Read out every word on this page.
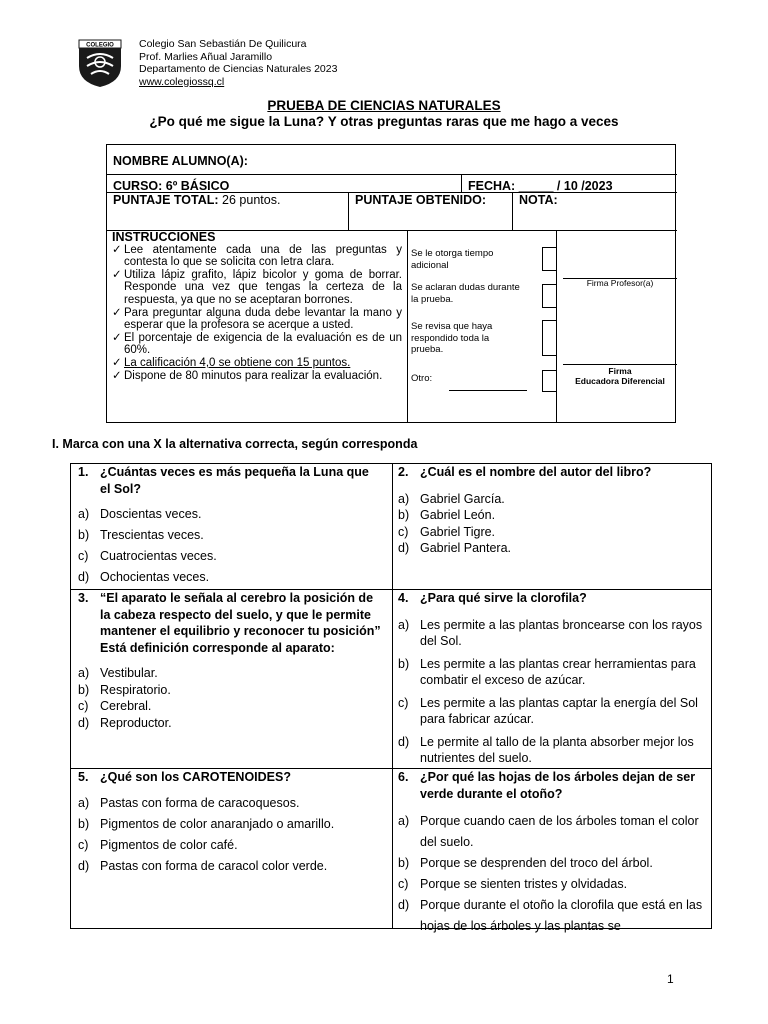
COLEGIO Colegio San Sebastián De Quilicura
Prof. Marlies Añual Jaramillo
Departamento de Ciencias Naturales 2023
www.colegiossq.cl
PRUEBA DE CIENCIAS NATURALES
¿Po qué me sigue la Luna? Y otras preguntas raras que me hago a veces
NOMBRE ALUMNO(A):
CURSO: 6º BÁSICO	FECHA: _____ / 10 /2023
PUNTAJE TOTAL: 26 puntos.	PUNTAJE OBTENIDO:	NOTA:
INSTRUCCIONES
✓ Lee atentamente cada una de las preguntas y contesta lo que se solicita con letra clara.
✓ Utiliza lápiz grafito, lápiz bicolor y goma de borrar. Responde una vez que tengas la certeza de la respuesta, ya que no se aceptaran borrones.
✓ Para preguntar alguna duda debe levantar la mano y esperar que la profesora se acerque a usted.
✓ El porcentaje de exigencia de la evaluación es de un 60%.
✓ La calificación 4,0 se obtiene con 15 puntos.
✓ Dispone de 80 minutos para realizar la evaluación.
Se le otorga tiempo adicional
Se aclaran dudas durante la prueba.
Se revisa que haya respondido toda la prueba.
Otro:
Firma Profesor(a)
Firma
Educadora Diferencial
I. Marca con una X la alternativa correcta, según corresponda
1. ¿Cuántas veces es más pequeña la Luna que el Sol?
a) Doscientas veces.
b) Trescientas veces.
c) Cuatrocientas veces.
d) Ochocientas veces.
2. ¿Cuál es el nombre del autor del libro?
a) Gabriel García.
b) Gabriel León.
c) Gabriel Tigre.
d) Gabriel Pantera.
3. “El aparato le señala al cerebro la posición de la cabeza respecto del suelo, y que le permite mantener el equilibrio y reconocer tu posición” Está definición corresponde al aparato:
a) Vestibular.
b) Respiratorio.
c) Cerebral.
d) Reproductor.
4. ¿Para qué sirve la clorofila?
a) Les permite a las plantas broncearse con los rayos del Sol.
b) Les permite a las plantas crear herramientas para combatir el exceso de azúcar.
c) Les permite a las plantas captar la energía del Sol para fabricar azúcar.
d) Le permite al tallo de la planta absorber mejor los nutrientes del suelo.
5. ¿Qué son los CAROTENOIDES?
a) Pastas con forma de caracoquesos.
b) Pigmentos de color anaranjado o amarillo.
c) Pigmentos de color café.
d) Pastas con forma de caracol color verde.
6. ¿Por qué las hojas de los árboles dejan de ser verde durante el otoño?
a) Porque cuando caen de los árboles toman el color del suelo.
b) Porque se desprenden del troco del árbol.
c) Porque se sienten tristes y olvidadas.
d) Porque durante el otoño la clorofila que está en las hojas de los árboles y las plantas se
1
